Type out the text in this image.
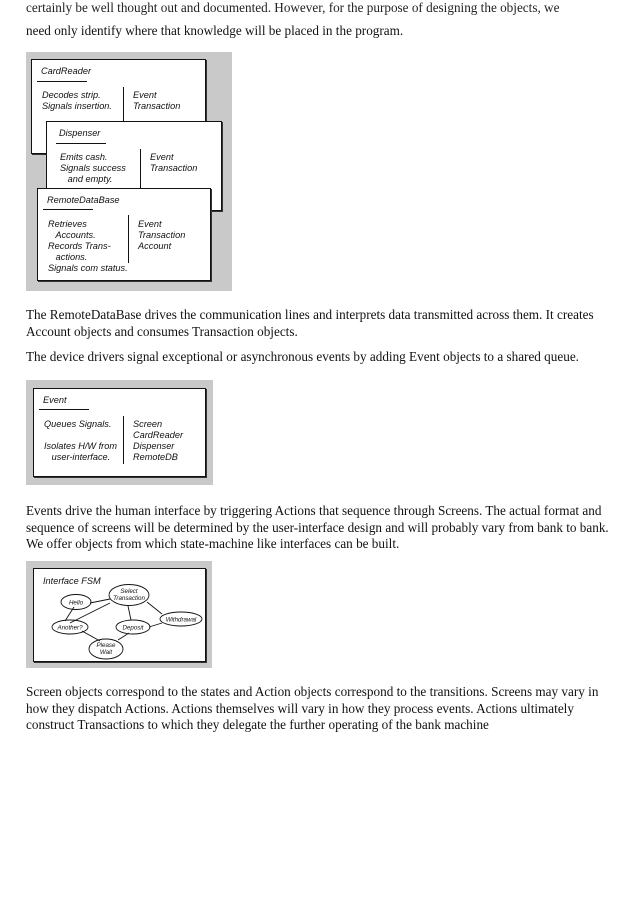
certainly be well thought out and documented. However, for the purpose of designing the objects, we

need only identify where that knowledge will be placed in the program.

CardReader
Decodes strip.
Signals insertion.
Event
Transaction
Dispenser
Emits cash.
Signals success
and empty.
Event
Transaction
RemoteDataBase
Retrieves
Accounts.
Records Trans-
actions.
Signals com status.
Event
Transaction
Account

The RemoteDataBase drives the communication lines and interprets data transmitted across them. It creates Account objects and consumes Transaction objects.

The device drivers signal exceptional or asynchronous events by adding Event objects to a shared queue.

Event
Queues Signals.

Isolates H/W from
user-interface.
Screen
CardReader
Dispenser
RemoteDB

Events drive the human interface by triggering Actions that sequence through Screens. The actual format and sequence of screens will be determined by the user-interface design and will probably vary from bank to bank. We offer objects from which state-machine like interfaces can be built.

Interface FSM
Hello
Select
Transaction
Withdrawal
Another?	Deposit
Please
Wait

Screen objects correspond to the states and Action objects correspond to the transitions. Screens may vary in how they dispatch Actions. Actions themselves will vary in how they process events. Actions ultimately construct Transactions to which they delegate the further operating of the bank machine
